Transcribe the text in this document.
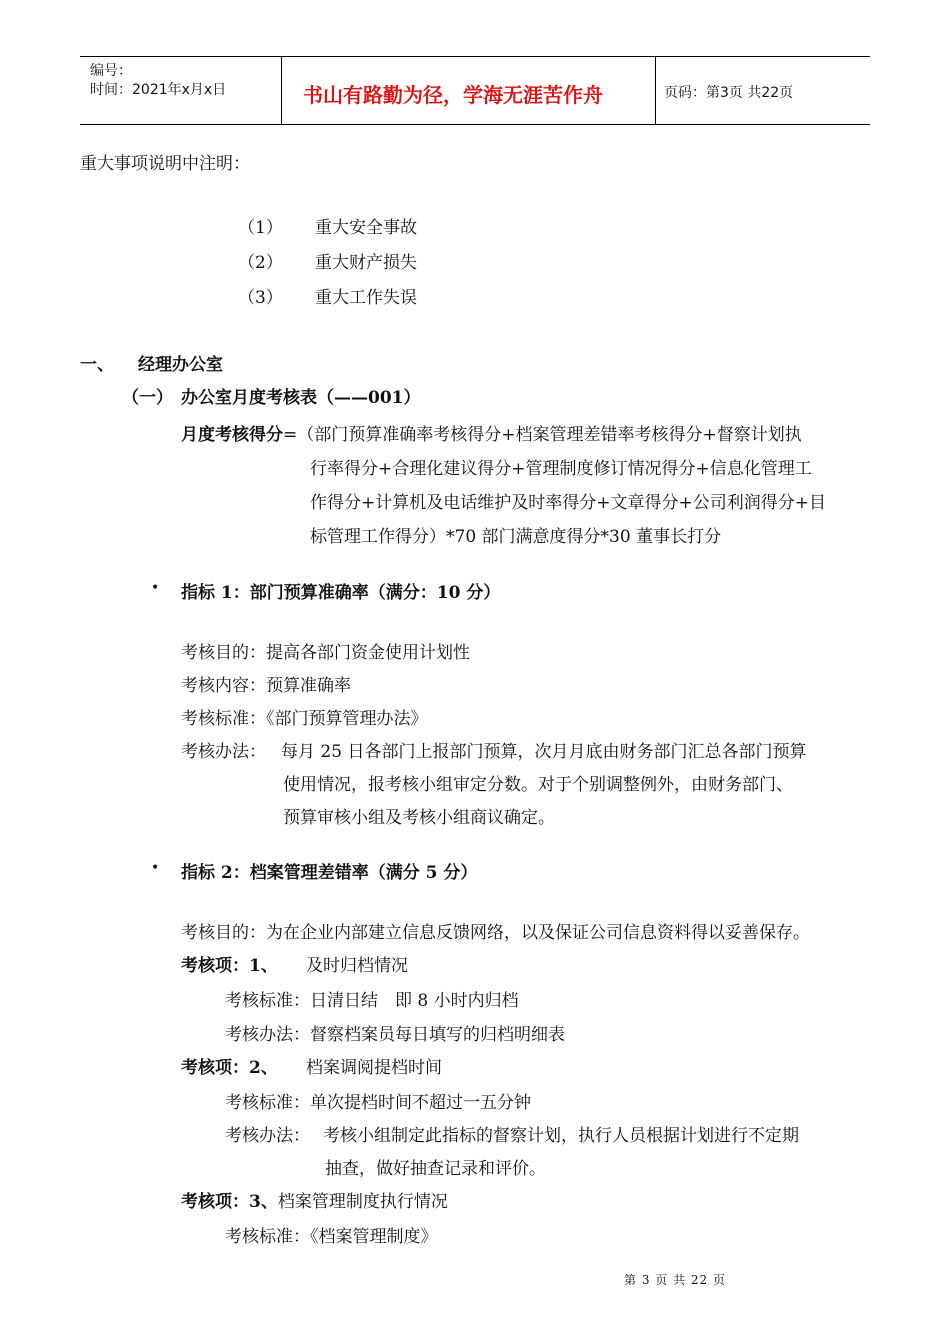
编号：
时间：2021年x月x日	书山有路勤为径，学海无涯苦作舟	页码：第3页 共22页
重大事项说明中注明：
（1） 重大安全事故
（2） 重大财产损失
（3） 重大工作失误
一、 经理办公室
（一） 办公室月度考核表（——001）
月度考核得分=（部门预算准确率考核得分+档案管理差错率考核得分+督察计划执
行率得分+合理化建议得分+管理制度修订情况得分+信息化管理工
作得分+计算机及电话维护及时率得分+文章得分+公司利润得分+目
标管理工作得分）*70 部门满意度得分*30 董事长打分
• 指标 1：部门预算准确率（满分：10 分）
考核目的：提高各部门资金使用计划性
考核内容：预算准确率
考核标准：《部门预算管理办法》
考核办法： 每月 25 日各部门上报部门预算，次月月底由财务部门汇总各部门预算
使用情况，报考核小组审定分数。对于个别调整例外，由财务部门、
预算审核小组及考核小组商议确定。
• 指标 2：档案管理差错率（满分 5 分）
考核目的：为在企业内部建立信息反馈网络，以及保证公司信息资料得以妥善保存。
考核项：1、 及时归档情况
考核标准：日清日结　即 8 小时内归档
考核办法：督察档案员每日填写的归档明细表
考核项：2、 档案调阅提档时间
考核标准：单次提档时间不超过一五分钟
考核办法： 考核小组制定此指标的督察计划，执行人员根据计划进行不定期
抽查，做好抽查记录和评价。
考核项：3、档案管理制度执行情况
考核标准：《档案管理制度》
第 3 页 共 22 页
